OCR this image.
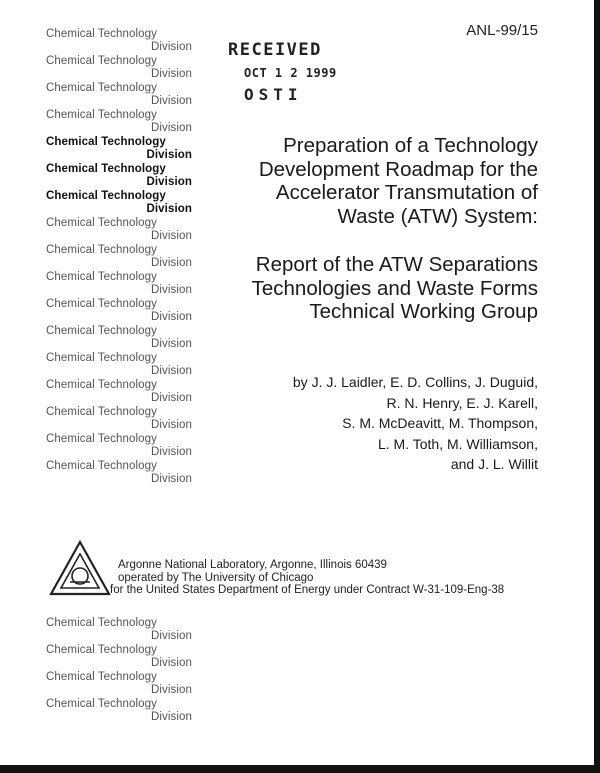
Chemical Technology
Division
Chemical Technology
Division
Chemical Technology
Division
Chemical Technology
Division
Chemical Technology
Division
Chemical Technology
Division
Chemical Technology
Division
Chemical Technology
Division
Chemical Technology
Division
Chemical Technology
Division
Chemical Technology
Division
Chemical Technology
Division
Chemical Technology
Division
Chemical Technology
Division
Chemical Technology
Division
Chemical Technology
Division
Chemical Technology
Division
ANL-99/15
RECEIVED
OCT 1 2 1999
OSTI
Preparation of a Technology
Development Roadmap for the
Accelerator Transmutation of
Waste (ATW) System:
Report of the ATW Separations
Technologies and Waste Forms
Technical Working Group
by J. J. Laidler, E. D. Collins, J. Duguid,
R. N. Henry, E. J. Karell,
S. M. McDeavitt, M. Thompson,
L. M. Toth, M. Williamson,
and J. L. Willit
Argonne National Laboratory, Argonne, Illinois 60439
operated by The University of Chicago
for the United States Department of Energy under Contract W-31-109-Eng-38
Chemical Technology
Division
Chemical Technology
Division
Chemical Technology
Division
Chemical Technology
Division
